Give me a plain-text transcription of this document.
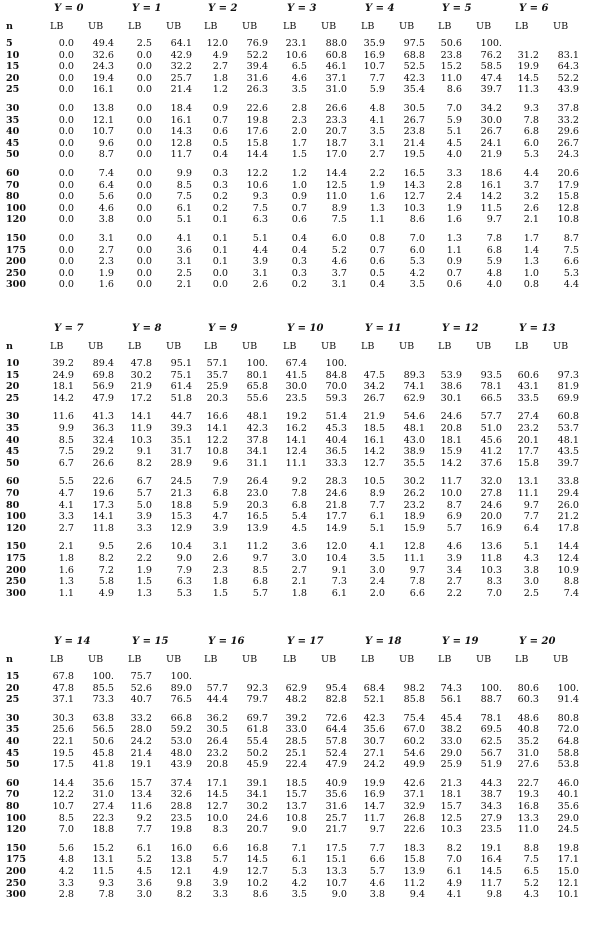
Y = 0	Y = 1	Y = 2	Y = 3	Y = 4	Y = 5	Y = 6
n	LB	UB	LB	UB	LB	UB	LB	UB	LB	UB	LB	UB	LB	UB
5	0.0	49.4	2.5	64.1	12.0	76.9	23.1	88.0	35.9	97.5	50.6	100.
10	0.0	32.6	0.0	42.9	4.9	52.2	10.6	60.8	16.9	68.8	23.8	76.2	31.2	83.1
15	0.0	24.3	0.0	32.2	2.7	39.4	6.5	46.1	10.7	52.5	15.2	58.5	19.9	64.3
20	0.0	19.4	0.0	25.7	1.8	31.6	4.6	37.1	7.7	42.3	11.0	47.4	14.5	52.2
25	0.0	16.1	0.0	21.4	1.2	26.3	3.5	31.0	5.9	35.4	8.6	39.7	11.3	43.9
30	0.0	13.8	0.0	18.4	0.9	22.6	2.8	26.6	4.8	30.5	7.0	34.2	9.3	37.8
35	0.0	12.1	0.0	16.1	0.7	19.8	2.3	23.3	4.1	26.7	5.9	30.0	7.8	33.2
40	0.0	10.7	0.0	14.3	0.6	17.6	2.0	20.7	3.5	23.8	5.1	26.7	6.8	29.6
45	0.0	9.6	0.0	12.8	0.5	15.8	1.7	18.7	3.1	21.4	4.5	24.1	6.0	26.7
50	0.0	8.7	0.0	11.7	0.4	14.4	1.5	17.0	2.7	19.5	4.0	21.9	5.3	24.3
60	0.0	7.4	0.0	9.9	0.3	12.2	1.2	14.4	2.2	16.5	3.3	18.6	4.4	20.6
70	0.0	6.4	0.0	8.5	0.3	10.6	1.0	12.5	1.9	14.3	2.8	16.1	3.7	17.9
80	0.0	5.6	0.0	7.5	0.2	9.3	0.9	11.0	1.6	12.7	2.4	14.2	3.2	15.8
100	0.0	4.6	0.0	6.1	0.2	7.5	0.7	8.9	1.3	10.3	1.9	11.5	2.6	12.8
120	0.0	3.8	0.0	5.1	0.1	6.3	0.6	7.5	1.1	8.6	1.6	9.7	2.1	10.8
150	0.0	3.1	0.0	4.1	0.1	5.1	0.4	6.0	0.8	7.0	1.3	7.8	1.7	8.7
175	0.0	2.7	0.0	3.6	0.1	4.4	0.4	5.2	0.7	6.0	1.1	6.8	1.4	7.5
200	0.0	2.3	0.0	3.1	0.1	3.9	0.3	4.6	0.6	5.3	0.9	5.9	1.3	6.6
250	0.0	1.9	0.0	2.5	0.0	3.1	0.3	3.7	0.5	4.2	0.7	4.8	1.0	5.3
300	0.0	1.6	0.0	2.1	0.0	2.6	0.2	3.1	0.4	3.5	0.6	4.0	0.8	4.4
Y = 7	Y = 8	Y = 9	Y = 10	Y = 11	Y = 12	Y = 13
n	LB	UB	LB	UB	LB	UB	LB	UB	LB	UB	LB	UB	LB	UB
10	39.2	89.4	47.8	95.1	57.1	100.	67.4	100.
15	24.9	69.8	30.2	75.1	35.7	80.1	41.5	84.8	47.5	89.3	53.9	93.5	60.6	97.3
20	18.1	56.9	21.9	61.4	25.9	65.8	30.0	70.0	34.2	74.1	38.6	78.1	43.1	81.9
25	14.2	47.9	17.2	51.8	20.3	55.6	23.5	59.3	26.7	62.9	30.1	66.5	33.5	69.9
30	11.6	41.3	14.1	44.7	16.6	48.1	19.2	51.4	21.9	54.6	24.6	57.7	27.4	60.8
35	9.9	36.3	11.9	39.3	14.1	42.3	16.2	45.3	18.5	48.1	20.8	51.0	23.2	53.7
40	8.5	32.4	10.3	35.1	12.2	37.8	14.1	40.4	16.1	43.0	18.1	45.6	20.1	48.1
45	7.5	29.2	9.1	31.7	10.8	34.1	12.4	36.5	14.2	38.9	15.9	41.2	17.7	43.5
50	6.7	26.6	8.2	28.9	9.6	31.1	11.1	33.3	12.7	35.5	14.2	37.6	15.8	39.7
60	5.5	22.6	6.7	24.5	7.9	26.4	9.2	28.3	10.5	30.2	11.7	32.0	13.1	33.8
70	4.7	19.6	5.7	21.3	6.8	23.0	7.8	24.6	8.9	26.2	10.0	27.8	11.1	29.4
80	4.1	17.3	5.0	18.8	5.9	20.3	6.8	21.8	7.7	23.2	8.7	24.6	9.7	26.0
100	3.3	14.1	3.9	15.3	4.7	16.5	5.4	17.7	6.1	18.9	6.9	20.0	7.7	21.2
120	2.7	11.8	3.3	12.9	3.9	13.9	4.5	14.9	5.1	15.9	5.7	16.9	6.4	17.8
150	2.1	9.5	2.6	10.4	3.1	11.2	3.6	12.0	4.1	12.8	4.6	13.6	5.1	14.4
175	1.8	8.2	2.2	9.0	2.6	9.7	3.0	10.4	3.5	11.1	3.9	11.8	4.3	12.4
200	1.6	7.2	1.9	7.9	2.3	8.5	2.7	9.1	3.0	9.7	3.4	10.3	3.8	10.9
250	1.3	5.8	1.5	6.3	1.8	6.8	2.1	7.3	2.4	7.8	2.7	8.3	3.0	8.8
300	1.1	4.9	1.3	5.3	1.5	5.7	1.8	6.1	2.0	6.6	2.2	7.0	2.5	7.4
Y = 14	Y = 15	Y = 16	Y = 17	Y = 18	Y = 19	Y = 20
n	LB	UB	LB	UB	LB	UB	LB	UB	LB	UB	LB	UB	LB	UB
15	67.8	100.	75.7	100.
20	47.8	85.5	52.6	89.0	57.7	92.3	62.9	95.4	68.4	98.2	74.3	100.	80.6	100.
25	37.1	73.3	40.7	76.5	44.4	79.7	48.2	82.8	52.1	85.8	56.1	88.7	60.3	91.4
30	30.3	63.8	33.2	66.8	36.2	69.7	39.2	72.6	42.3	75.4	45.4	78.1	48.6	80.8
35	25.6	56.5	28.0	59.2	30.5	61.8	33.0	64.4	35.6	67.0	38.2	69.5	40.8	72.0
40	22.1	50.6	24.2	53.0	26.4	55.4	28.5	57.8	30.7	60.2	33.0	62.5	35.2	64.8
45	19.5	45.8	21.4	48.0	23.2	50.2	25.1	52.4	27.1	54.6	29.0	56.7	31.0	58.8
50	17.5	41.8	19.1	43.9	20.8	45.9	22.4	47.9	24.2	49.9	25.9	51.9	27.6	53.8
60	14.4	35.6	15.7	37.4	17.1	39.1	18.5	40.9	19.9	42.6	21.3	44.3	22.7	46.0
70	12.2	31.0	13.4	32.6	14.5	34.1	15.7	35.6	16.9	37.1	18.1	38.7	19.3	40.1
80	10.7	27.4	11.6	28.8	12.7	30.2	13.7	31.6	14.7	32.9	15.7	34.3	16.8	35.6
100	8.5	22.3	9.2	23.5	10.0	24.6	10.8	25.7	11.7	26.8	12.5	27.9	13.3	29.0
120	7.0	18.8	7.7	19.8	8.3	20.7	9.0	21.7	9.7	22.6	10.3	23.5	11.0	24.5
150	5.6	15.2	6.1	16.0	6.6	16.8	7.1	17.5	7.7	18.3	8.2	19.1	8.8	19.8
175	4.8	13.1	5.2	13.8	5.7	14.5	6.1	15.1	6.6	15.8	7.0	16.4	7.5	17.1
200	4.2	11.5	4.5	12.1	4.9	12.7	5.3	13.3	5.7	13.9	6.1	14.5	6.5	15.0
250	3.3	9.3	3.6	9.8	3.9	10.2	4.2	10.7	4.6	11.2	4.9	11.7	5.2	12.1
300	2.8	7.8	3.0	8.2	3.3	8.6	3.5	9.0	3.8	9.4	4.1	9.8	4.3	10.1
